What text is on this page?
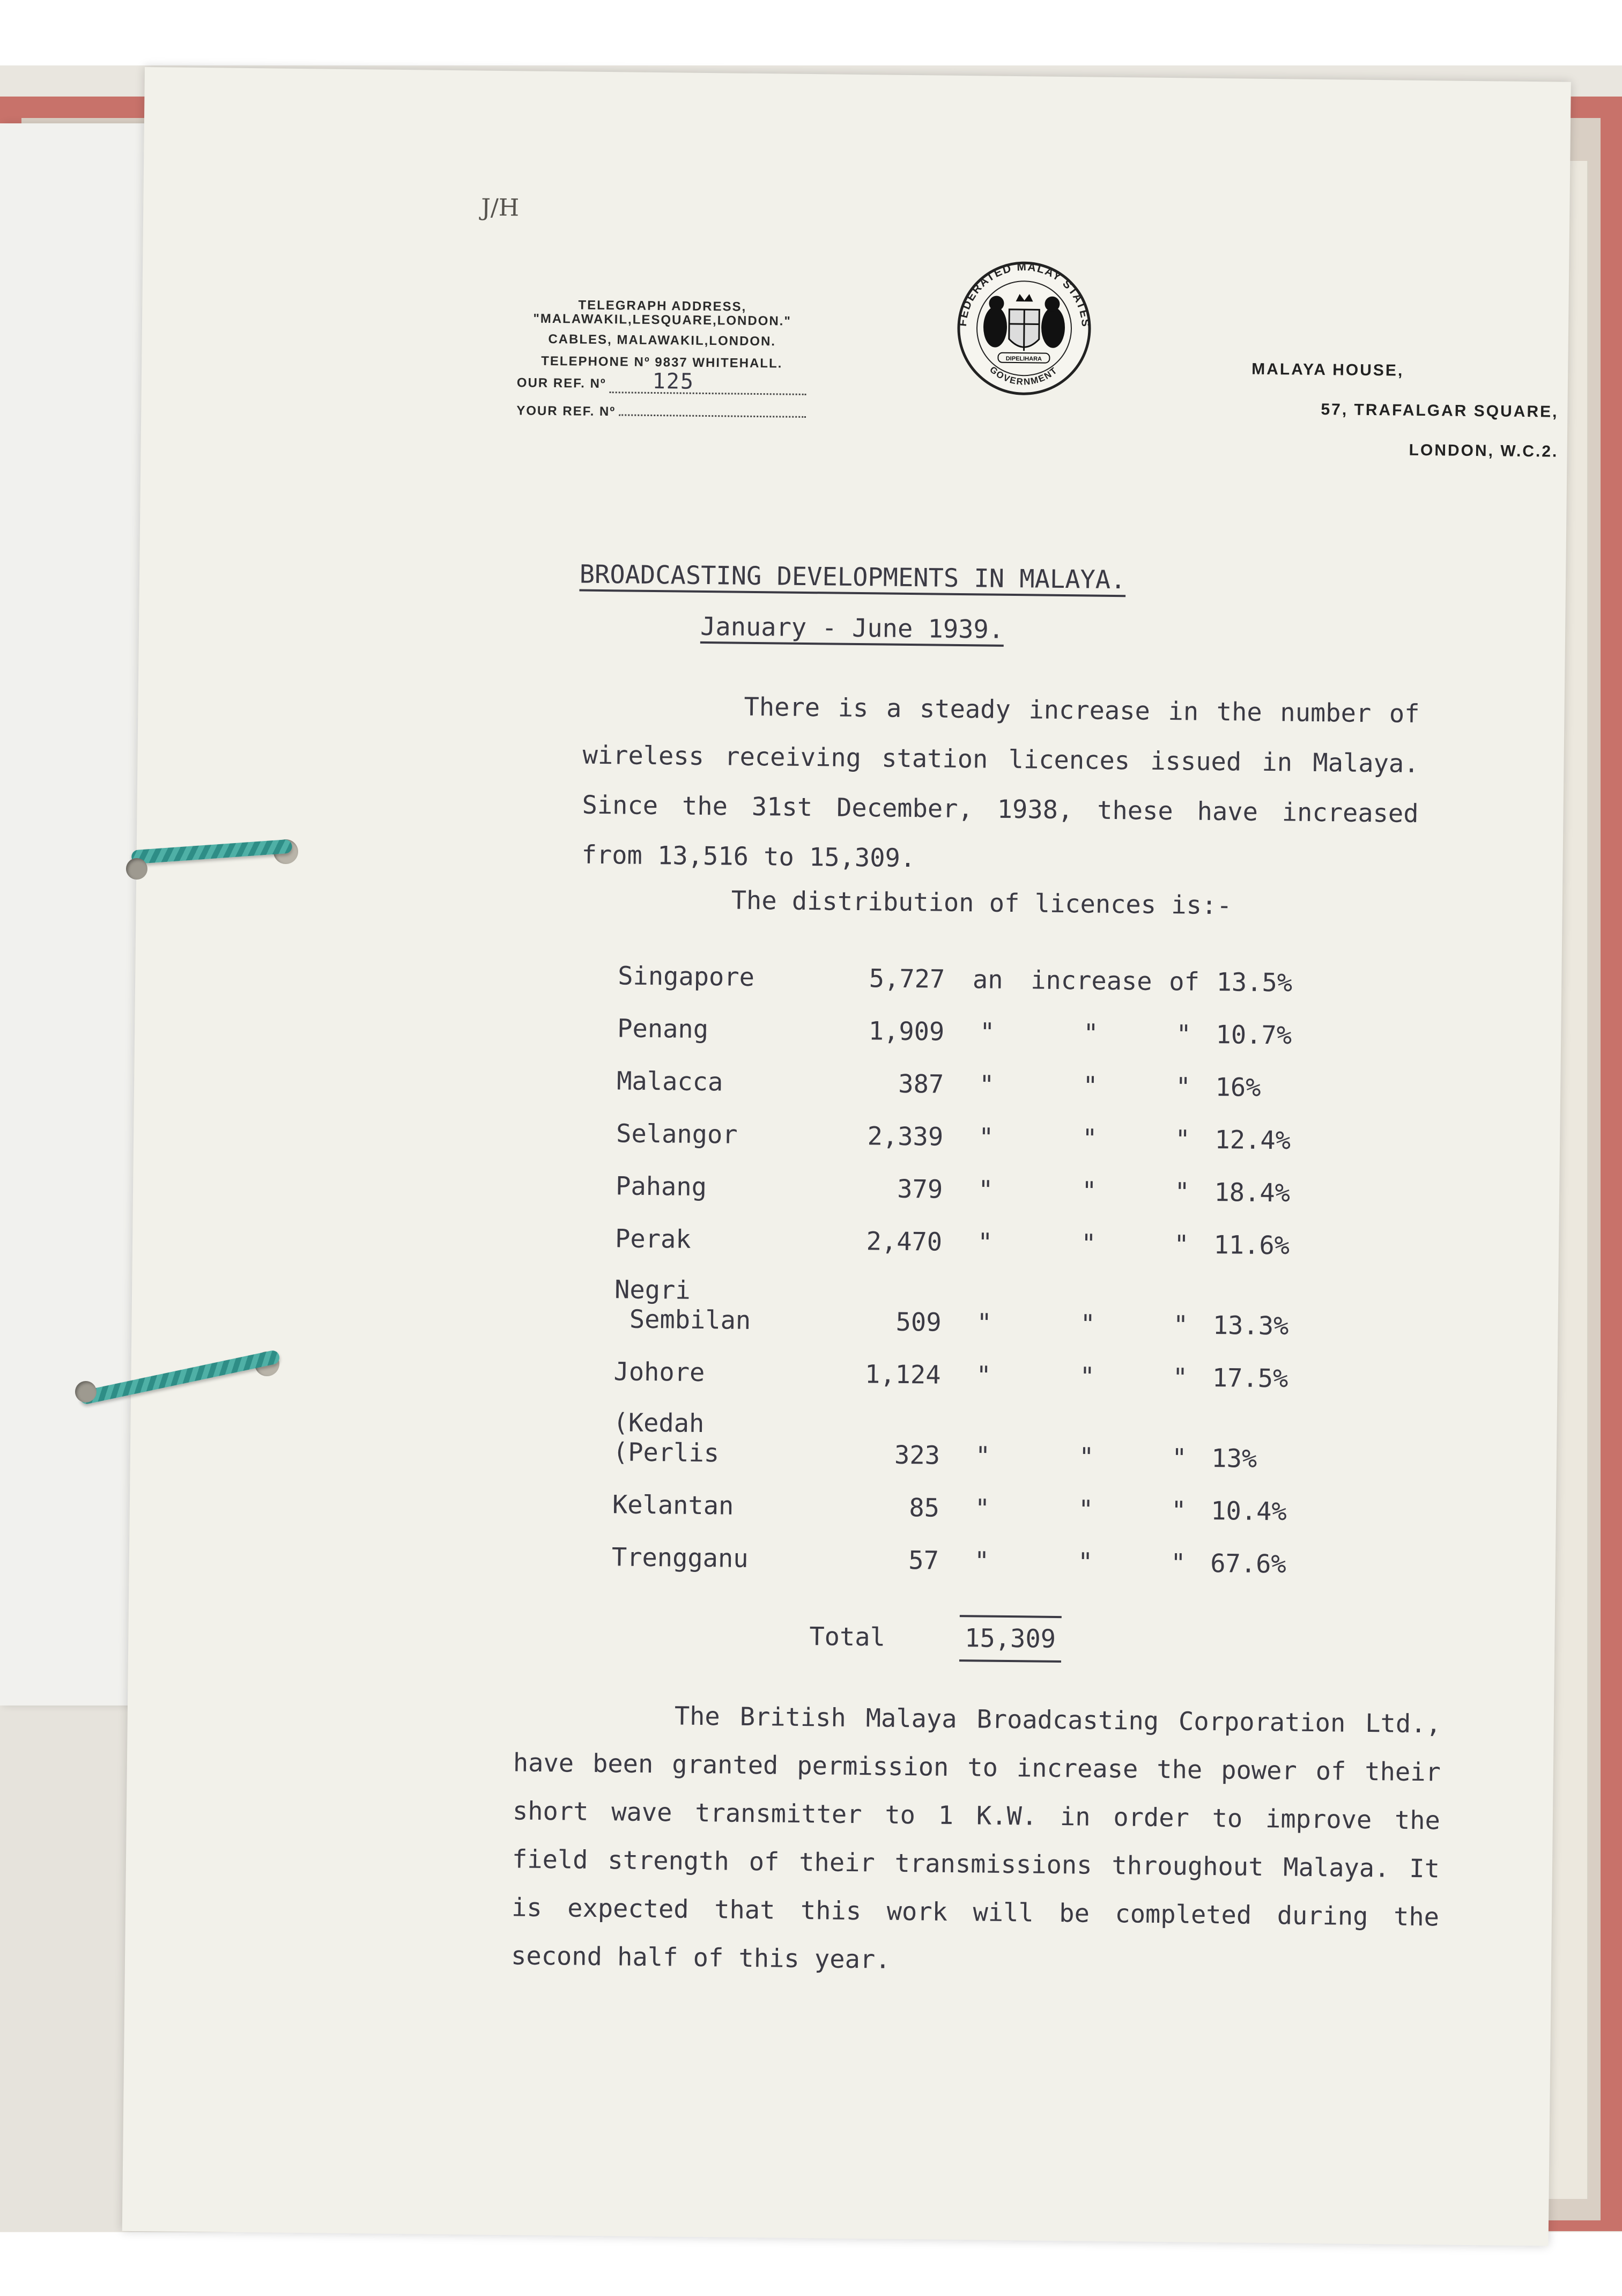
J/H
TELEGRAPH ADDRESS,
"MALAWAKIL,LESQUARE,LONDON."
CABLES, MALAWAKIL,LONDON.
TELEPHONE Nº 9837 WHITEHALL.
OUR REF. Nº	125
YOUR REF. Nº
FEDERATED MALAY STATES
GOVERNMENT
DIPELIHARA
MALAYA HOUSE,
57, TRAFALGAR SQUARE,
LONDON, W.C.2.
BROADCASTING DEVELOPMENTS IN MALAYA.
January - June 1939.

There is a steady increase in the number of wireless receiving station licences issued in Malaya. Since the 31st December, 1938, these have increased from 13,516 to 15,309.

The distribution of licences is:-
Singapore	5,727	an	increase	of	13.5%
Penang	1,909	"	"	"	10.7%
Malacca	387	"	"	"	16%
Selangor	2,339	"	"	"	12.4%
Pahang	379	"	"	"	18.4%
Perak	2,470	"	"	"	11.6%

Negri
Sembilan	509	"	"	"	13.3%
Johore	1,124	"	"	"	17.5%

(Kedah
(Perlis	323	"	"	"	13%
Kelantan	85	"	"	"	10.4%
Trengganu	57	"	"	"	67.6%
Total	15,309

The British Malaya Broadcasting Corporation Ltd., have been granted permission to increase the power of their short wave transmitter to 1 K.W. in order to improve the field strength of their transmissions throughout Malaya. It is expected that this work will be completed during the second half of this year.
